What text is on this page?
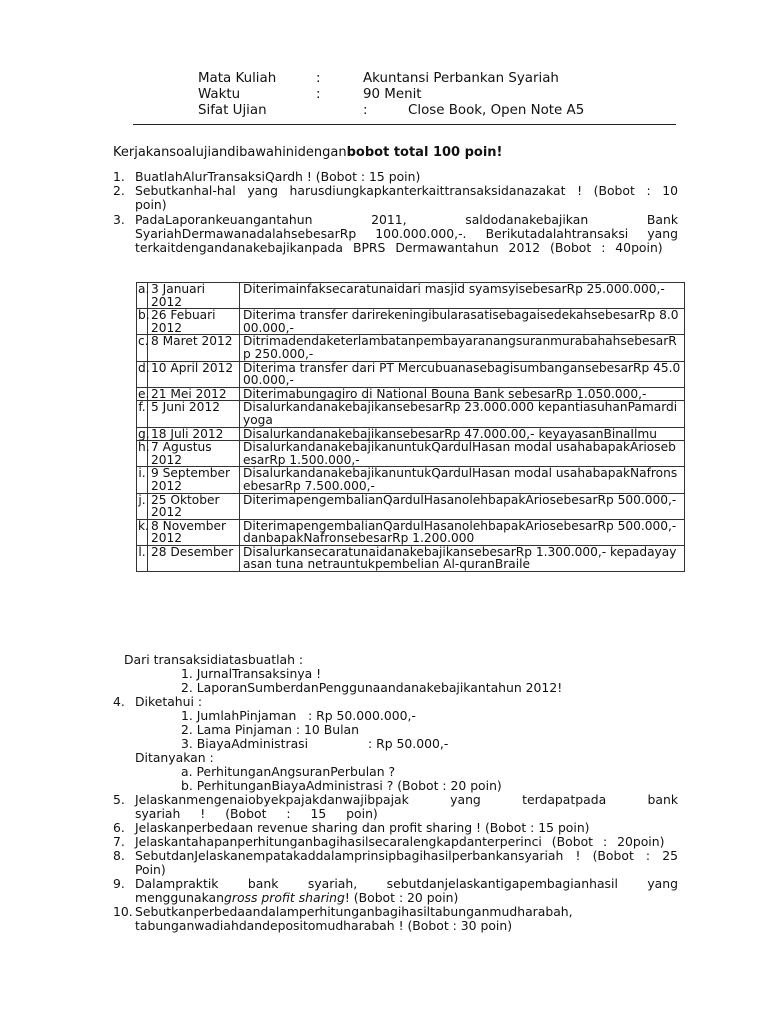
Mata Kuliah	:	Akuntansi Perbankan Syariah
Waktu	:	90 Menit
Sifat Ujian	:	Close Book, Open Note A5
Kerjakansoalujiandibawahinidenganbobot total 100 poin!
1. BuatlahAlurTransaksiQardh ! (Bobot : 15 poin)
2. Sebutkanhal-hal yang harusdiungkapkanterkaittransaksidanazakat ! (Bobot : 10 poin)
3. PadaLaporankeuangantahun 2011, saldodanakebajikan Bank SyariahDermawanadalahsebesarRp 100.000.000,-. Berikutadalahtransaksi yang terkaitdengandanakebajikanpada BPRS Dermawantahun 2012 (Bobot : 40poin)
a.	3 Januari 2012	Diterimainfaksecaratunaidari masjid syamsyisebesarRp 25.000.000,-
b.	26 Febuari 2012	Diterima transfer darirekeningibularasatisebagaisedekahsebesarRp 8.000.000,-
c.	8 Maret 2012	DitrimadendaketerlambatanpembayaranangsuranmurabahahsebesarRp 250.000,-
d.	10 April 2012	Diterima transfer dari PT MercubuanasebagisumbangansebesarRp 45.000.000,-
e.	21 Mei 2012	Diterimabungagiro di National Bouna Bank sebesarRp 1.050.000,-
f.	5 Juni 2012	DisalurkandanakebajikansebesarRp 23.000.000 kepantiasuhanPamardiyoga
g.	18 Juli 2012	DisalurkandanakebajikansebesarRp 47.000.00,- keyayasanBinaIlmu
h.	7 Agustus 2012	DisalurkandanakebajikanuntukQardulHasan modal usahabapakAriosebesarRp 1.500.000,-
i.	9 September 2012	DisalurkandanakebajikanuntukQardulHasan modal usahabapakNafronsebesarRp 7.500.000,-
j.	25 Oktober 2012	DiterimapengembalianQardulHasanolehbapakAriosebesarRp 500.000,-
k.	8 November 2012	DiterimapengembalianQardulHasanolehbapakAriosebesarRp 500.000,- danbapakNafronsebesarRp 1.200.000
l.	28 Desember	DisalurkansecaratunaidanakebajikansebesarRp 1.300.000,- kepadayayasan tuna netrauntukpembelian Al-quranBraile
Dari transaksidiatasbuatlah :
1. JurnalTransaksinya !
2. LaporanSumberdanPenggunaandanakebajikantahun 2012!
4. Diketahui :
1. JumlahPinjaman : Rp 50.000.000,-
2. Lama Pinjaman : 10 Bulan
3. BiayaAdministrasi	: Rp 50.000,-
Ditanyakan :
a. PerhitunganAngsuranPerbulan ?
b. PerhitunganBiayaAdministrasi ? (Bobot : 20 poin)
5. Jelaskanmengenaiobyekpajakdanwajibpajak yang terdapatpada bank syariah ! (Bobot : 15 poin)
6. Jelaskanperbedaan revenue sharing dan profit sharing ! (Bobot : 15 poin)
7. Jelaskantahapanperhitunganbagihasilsecaralengkapdanterperinci (Bobot : 20poin)
8. SebutdanJelaskanempatakaddalamprinsipbagihasilperbankansyariah ! (Bobot : 25 Poin)
9. Dalampraktik bank syariah, sebutdanjelaskantigapembagianhasil yang menggunakangross profit sharing! (Bobot : 20 poin)
10. Sebutkanperbedaandalamperhitunganbagihasiltabunganmudharabah, tabunganwadiahdandepositomudharabah ! (Bobot : 30 poin)
